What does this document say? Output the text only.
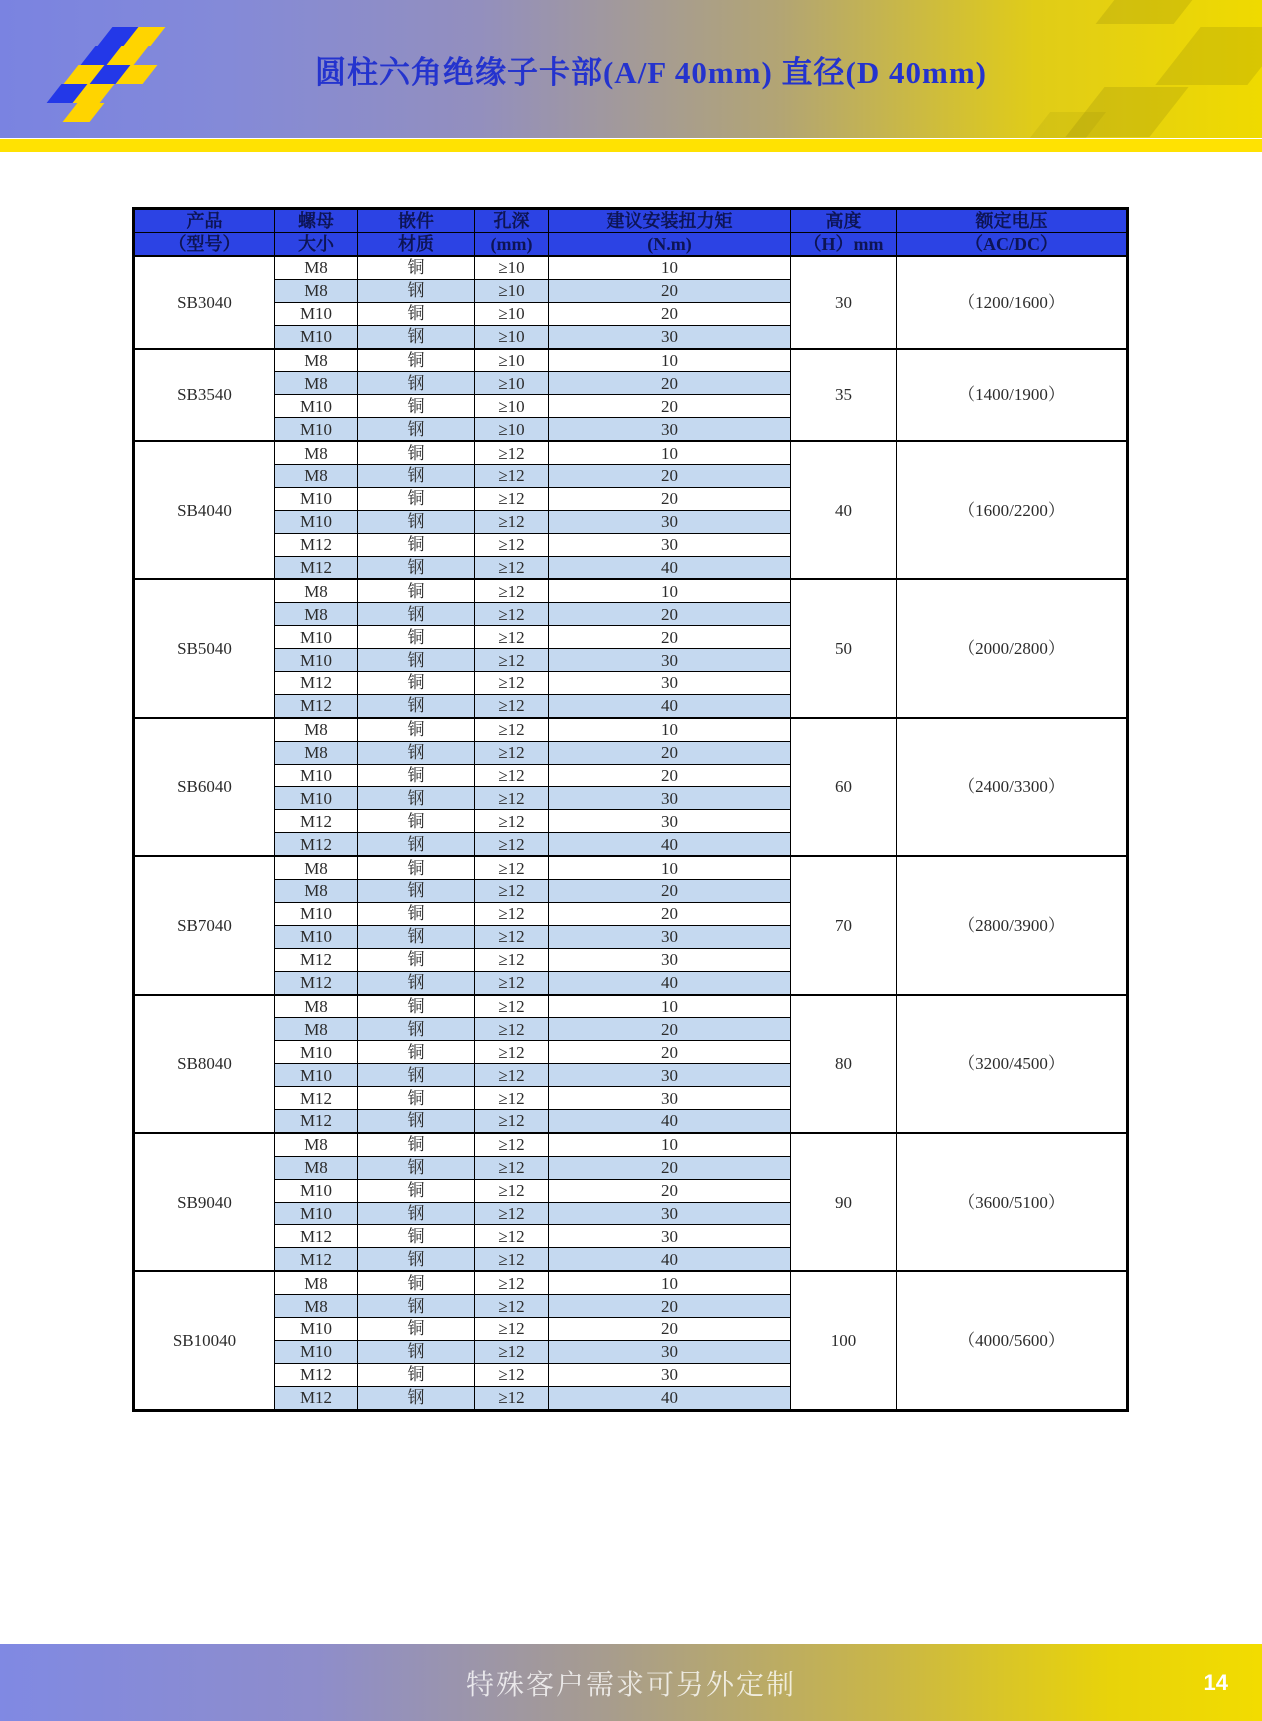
圆柱六角绝缘子卡部(A/F 40mm) 直径(D 40mm)
产品	螺母	嵌件	孔深	建议安装扭力矩	高度	额定电压
（型号）	大小	材质	(mm)	(N.m)	（H）mm	（AC/DC）
SB3040	M8	铜	≥10	10	30	（1200/1600）
	M8	钢	≥10	20		
	M10	铜	≥10	20		
	M10	钢	≥10	30		
SB3540	M8	铜	≥10	10	35	（1400/1900）
	M8	钢	≥10	20		
	M10	铜	≥10	20		
	M10	钢	≥10	30		
SB4040	M8	铜	≥12	10	40	（1600/2200）
	M8	钢	≥12	20		
	M10	铜	≥12	20		
	M10	钢	≥12	30		
	M12	铜	≥12	30		
	M12	钢	≥12	40		
SB5040	M8	铜	≥12	10	50	（2000/2800）
	M8	钢	≥12	20		
	M10	铜	≥12	20		
	M10	钢	≥12	30		
	M12	铜	≥12	30		
	M12	钢	≥12	40		
SB6040	M8	铜	≥12	10	60	（2400/3300）
	M8	钢	≥12	20		
	M10	铜	≥12	20		
	M10	钢	≥12	30		
	M12	铜	≥12	30		
	M12	钢	≥12	40		
SB7040	M8	铜	≥12	10	70	（2800/3900）
	M8	钢	≥12	20		
	M10	铜	≥12	20		
	M10	钢	≥12	30		
	M12	铜	≥12	30		
	M12	钢	≥12	40		
SB8040	M8	铜	≥12	10	80	（3200/4500）
	M8	钢	≥12	20		
	M10	铜	≥12	20		
	M10	钢	≥12	30		
	M12	铜	≥12	30		
	M12	钢	≥12	40		
SB9040	M8	铜	≥12	10	90	（3600/5100）
	M8	钢	≥12	20		
	M10	铜	≥12	20		
	M10	钢	≥12	30		
	M12	铜	≥12	30		
	M12	钢	≥12	40		
SB10040	M8	铜	≥12	10	100	（4000/5600）
	M8	钢	≥12	20		
	M10	铜	≥12	20		
	M10	钢	≥12	30		
	M12	铜	≥12	30		
	M12	钢	≥12	40		
特殊客户需求可另外定制	14
